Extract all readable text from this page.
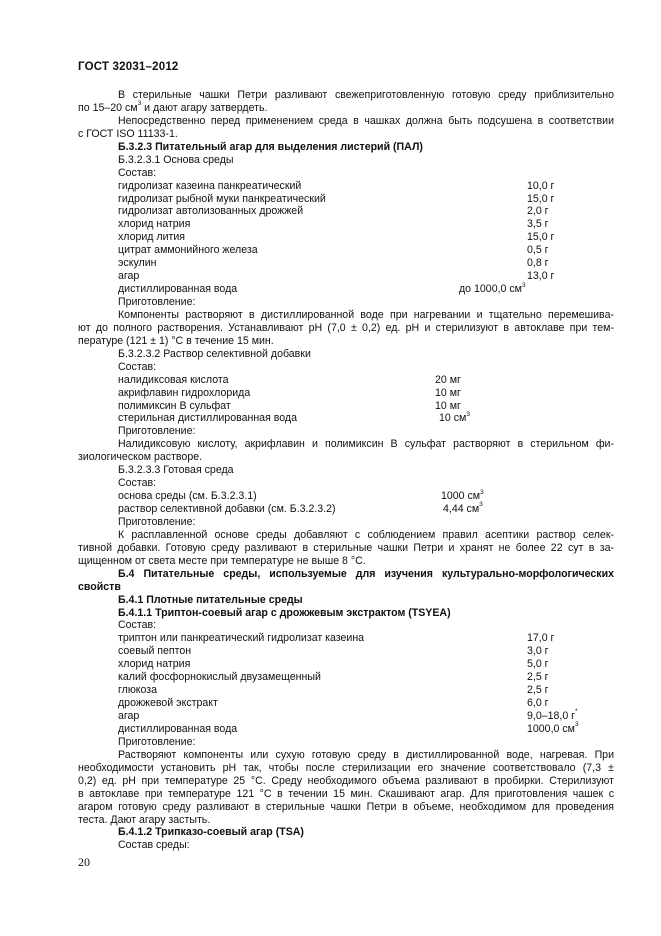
ГОСТ 32031–2012
В стерильные чашки Петри разливают свежеприготовленную готовую среду приблизительно
по 15–20 $см^3$ и дают агару затвердеть.
Непосредственно перед применением среда в чашках должна быть подсушена в соответствии
с ГОСТ ISO 11133-1.
Б.3.2.3 Питательный агар для выделения листерий (ПАЛ)
Б.3.2.3.1 Основа среды
Состав:
гидролизат казеина панкреатический	10,0 г
гидролизат рыбной муки панкреатический	15,0 г
гидролизат автолизованных дрожжей	2,0 г
хлорид натрия	3,5 г
хлорид лития	15,0 г
цитрат аммонийного железа	0,5 г
эскулин	0,8 г
агар	13,0 г
дистиллированная вода	до 1000,0 $см^3$
Приготовление:
Компоненты растворяют в дистиллированной воде при нагревании и тщательно перемешива-
ют до полного растворения. Устанавливают pH (7,0 ± 0,2) ед. pH и стерилизуют в автоклаве при тем-
пературе (121 ± 1) °С в течение 15 мин.
Б.3.2.3.2 Раствор селективной добавки
Состав:
налидиксовая кислота	20 мг
акрифлавин гидрохлорида	10 мг
полимиксин В сульфат	10 мг
стерильная дистиллированная вода	10 $см^3$
Приготовление:
Налидиксовую кислоту, акрифлавин и полимиксин В сульфат растворяют в стерильном фи-
зиологическом растворе.
Б.3.2.3.3 Готовая среда
Состав:
основа среды (см. Б.3.2.3.1)	1000 $см^3$
раствор селективной добавки (см. Б.3.2.3.2)	4,44 $см^3$
Приготовление:
К расплавленной основе среды добавляют с соблюдением правил асептики раствор селек-
тивной добавки. Готовую среду разливают в стерильные чашки Петри и хранят не более 22 сут в за-
щищенном от света месте при температуре не выше 8 °С.
Б.4 Питательные среды, используемые для изучения культурально-морфологических
свойств
Б.4.1 Плотные питательные среды
Б.4.1.1 Триптон-соевый агар с дрожжевым экстрактом (TSYEA)
Состав:
триптон или панкреатический гидролизат казеина	17,0 г
соевый пептон	3,0 г
хлорид натрия	5,0 г
калий фосфорнокислый двузамещенный	2,5 г
глюкоза	2,5 г
дрожжевой экстракт	6,0 г
агар	9,0–18,0 г*
дистиллированная вода	1000,0 $см^3$
Приготовление:
Растворяют компоненты или сухую готовую среду в дистиллированной воде, нагревая. При
необходимости установить pH так, чтобы после стерилизации его значение соответствовало (7,3 ±
0,2) ед. pH при температуре 25 °С. Среду необходимого объема разливают в пробирки. Стерилизуют
в автоклаве при температуре 121 °С в течении 15 мин. Скашивают агар. Для приготовления чашек с
агаром готовую среду разливают в стерильные чашки Петри в объеме, необходимом для проведения
теста. Дают агару застыть.
Б.4.1.2 Трипказо-соевый агар (TSA)
Состав среды:
20
